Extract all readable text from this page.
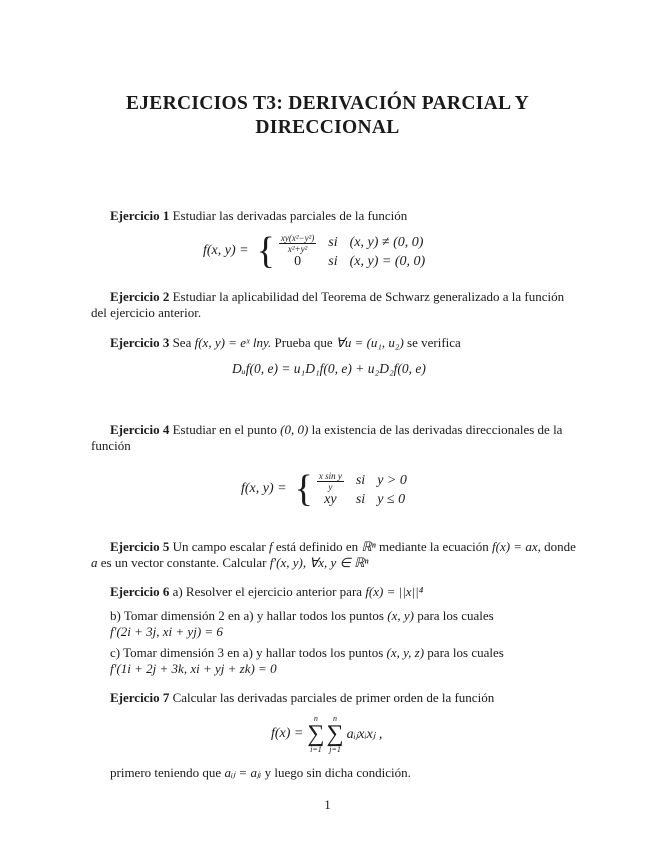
EJERCICIOS T3: DERIVACIÓN PARCIAL Y
DIRECCIONAL
Ejercicio 1 Estudiar las derivadas parciales de la función
f(x, y) = { $\frac{\text{xy(x²−y²)}}{\text{x²+y²}}$ si (x, y) ≠ (0, 0)
0	si (x, y) = (0, 0)
Ejercicio 2 Estudiar la aplicabilidad del Teorema de Schwarz generalizado a la función del ejercicio anterior.
Ejercicio 3 Sea f(x, y) = eˣ lny. Prueba que ∀u = (u₁, u₂) se verifica
Dᵤf(0, e) = u₁D₁f(0, e) + u₂D₂f(0, e)
Ejercicio 4 Estudiar en el punto (0, 0) la existencia de las derivadas direccionales de la función
f(x, y) = { $\frac{\text{x sin y}}{y}$ si y > 0
xy	si y ≤ 0
Ejercicio 5 Un campo escalar f está definido en ℝⁿ mediante la ecuación f(x) = ax, donde a es un vector constante. Calcular f′(x, y), ∀x, y ∈ ℝⁿ
Ejercicio 6 a) Resolver el ejercicio anterior para f(x) = ||x||⁴
b) Tomar dimensión 2 en a) y hallar todos los puntos (x, y) para los cuales
f′(2i + 3j, xi + yj) = 6
c) Tomar dimensión 3 en a) y hallar todos los puntos (x, y, z) para los cuales
f′(1i + 2j + 3k, xi + yj + zk) = 0
Ejercicio 7 Calcular las derivadas parciales de primer orden de la función
f(x) =
n
∑
i=1
n
∑
j=1
aᵢⱼxᵢxⱼ ,
primero teniendo que aᵢⱼ = aⱼᵢ y luego sin dicha condición.
1
